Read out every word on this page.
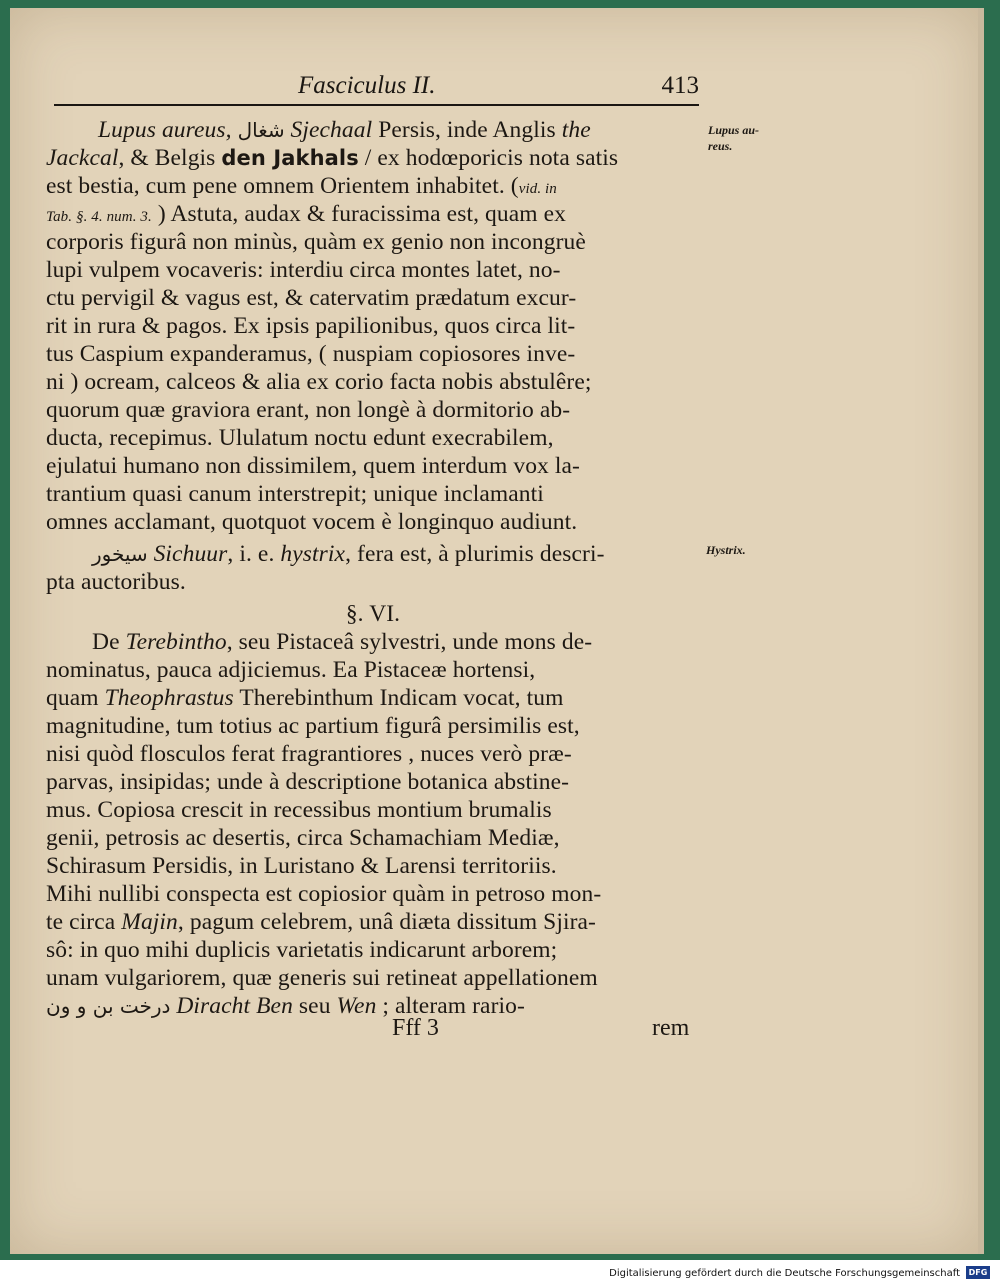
Fasciculus II.	413
Lupus au-
reus.
Hystrix.
Lupus aureus, شغال Sjechaal Persis, inde Anglis the
Jackcal, & Belgis den Jakhals / ex hodœporicis nota satis
est bestia, cum pene omnem Orientem inhabitet. (vid. in
Tab. §. 4. num. 3. ) Astuta, audax & furacissima est, quam ex
corporis figurâ non minùs, quàm ex genio non incongruè
lupi vulpem vocaveris: interdiu circa montes latet, no-
ctu pervigil & vagus est, & catervatim prædatum excur-
rit in rura & pagos. Ex ipsis papilionibus, quos circa lit-
tus Caspium expanderamus, ( nuspiam copiosores inve-
ni ) ocream, calceos & alia ex corio facta nobis abstulêre;
quorum quæ graviora erant, non longè à dormitorio ab-
ducta, recepimus. Ululatum noctu edunt execrabilem,
ejulatui humano non dissimilem, quem interdum vox la-
trantium quasi canum interstrepit; unique inclamanti
omnes acclamant, quotquot vocem è longinquo audiunt.
سیخور Sichuur, i. e. hystrix, fera est, à plurimis descri-
pta auctoribus.
§. VI.
De Terebintho, seu Pistaceâ sylvestri, unde mons de-
nominatus, pauca adjiciemus. Ea Pistaceæ hortensi,
quam Theophrastus Therebinthum Indicam vocat, tum
magnitudine, tum totius ac partium figurâ persimilis est,
nisi quòd flosculos ferat fragrantiores , nuces verò præ-
parvas, insipidas; unde à descriptione botanica abstine-
mus. Copiosa crescit in recessibus montium brumalis
genii, petrosis ac desertis, circa Schamachiam Mediæ,
Schirasum Persidis, in Luristano & Larensi territoriis.
Mihi nullibi conspecta est copiosior quàm in petroso mon-
te circa Majin, pagum celebrem, unâ diæta dissitum Sjira-
sô: in quo mihi duplicis varietatis indicarunt arborem;
unam vulgariorem, quæ generis sui retineat appellationem
درخت بن و ون Diracht Ben seu Wen ; alteram rario-
Fff 3	rem
Digitalisierung gefördert durch die Deutsche Forschungsgemeinschaft	DFG
